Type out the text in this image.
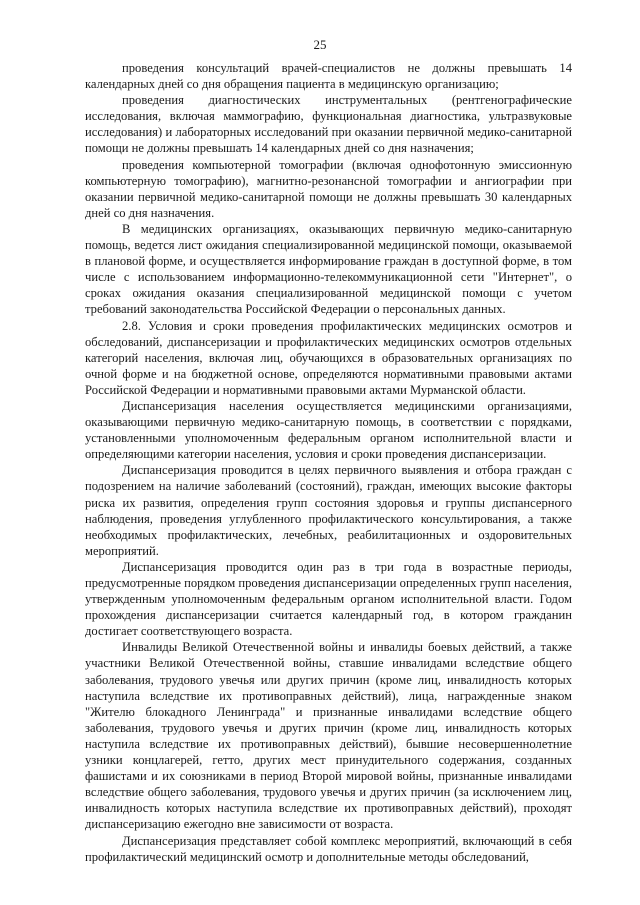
25

проведения консультаций врачей-специалистов не должны превышать 14 календарных дней со дня обращения пациента в медицинскую организацию;

проведения диагностических инструментальных (рентгенографические исследования, включая маммографию, функциональная диагностика, ультразвуковые исследования) и лабораторных исследований при оказании первичной медико-санитарной помощи не должны превышать 14 календарных дней со дня назначения;

проведения компьютерной томографии (включая однофотонную эмиссионную компьютерную томографию), магнитно-резонансной томографии и ангиографии при оказании первичной медико-санитарной помощи не должны превышать 30 календарных дней со дня назначения.

В медицинских организациях, оказывающих первичную медико-санитарную помощь, ведется лист ожидания специализированной медицинской помощи, оказываемой в плановой форме, и осуществляется информирование граждан в доступной форме, в том числе с использованием информационно-телекоммуникационной сети "Интернет", о сроках ожидания оказания специализированной медицинской помощи с учетом требований законодательства Российской Федерации о персональных данных.

2.8. Условия и сроки проведения профилактических медицинских осмотров и обследований, диспансеризации и профилактических медицинских осмотров отдельных категорий населения, включая лиц, обучающихся в образовательных организациях по очной форме и на бюджетной основе, определяются нормативными правовыми актами Российской Федерации и нормативными правовыми актами Мурманской области.

Диспансеризация населения осуществляется медицинскими организациями, оказывающими первичную медико-санитарную помощь, в соответствии с порядками, установленными уполномоченным федеральным органом исполнительной власти и определяющими категории населения, условия и сроки проведения диспансеризации.

Диспансеризация проводится в целях первичного выявления и отбора граждан с подозрением на наличие заболеваний (состояний), граждан, имеющих высокие факторы риска их развития, определения групп состояния здоровья и группы диспансерного наблюдения, проведения углубленного профилактического консультирования, а также необходимых профилактических, лечебных, реабилитационных и оздоровительных мероприятий.

Диспансеризация проводится один раз в три года в возрастные периоды, предусмотренные порядком проведения диспансеризации определенных групп населения, утвержденным уполномоченным федеральным органом исполнительной власти. Годом прохождения диспансеризации считается календарный год, в котором гражданин достигает соответствующего возраста.

Инвалиды Великой Отечественной войны и инвалиды боевых действий, а также участники Великой Отечественной войны, ставшие инвалидами вследствие общего заболевания, трудового увечья или других причин (кроме лиц, инвалидность которых наступила вследствие их противоправных действий), лица, награжденные знаком "Жителю блокадного Ленинграда" и признанные инвалидами вследствие общего заболевания, трудового увечья и других причин (кроме лиц, инвалидность которых наступила вследствие их противоправных действий), бывшие несовершеннолетние узники концлагерей, гетто, других мест принудительного содержания, созданных фашистами и их союзниками в период Второй мировой войны, признанные инвалидами вследствие общего заболевания, трудового увечья и других причин (за исключением лиц, инвалидность которых наступила вследствие их противоправных действий), проходят диспансеризацию ежегодно вне зависимости от возраста.

Диспансеризация представляет собой комплекс мероприятий, включающий в себя профилактический медицинский осмотр и дополнительные методы обследований,
